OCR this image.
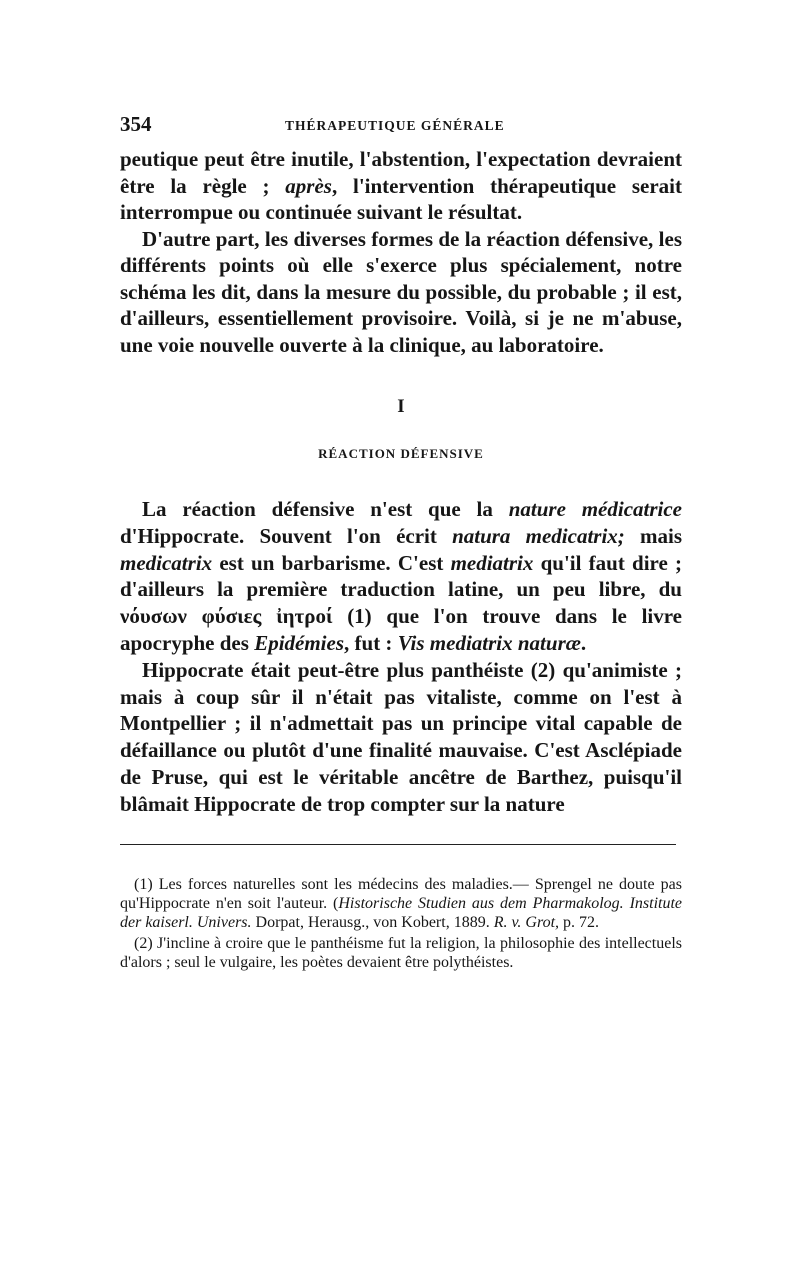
354	THÉRAPEUTIQUE GÉNÉRALE

peutique peut être inutile, l'abstention, l'expectation devraient être la règle ; après, l'intervention thérapeutique serait interrompue ou continuée suivant le résultat.

D'autre part, les diverses formes de la réaction défensive, les différents points où elle s'exerce plus spécialement, notre schéma les dit, dans la mesure du possible, du probable ; il est, d'ailleurs, essentiellement provisoire. Voilà, si je ne m'abuse, une voie nouvelle ouverte à la clinique, au laboratoire.

I
RÉACTION DÉFENSIVE

La réaction défensive n'est que la nature médicatrice d'Hippocrate. Souvent l'on écrit natura medicatrix; mais medicatrix est un barbarisme. C'est mediatrix qu'il faut dire ; d'ailleurs la première traduction latine, un peu libre, du νόυσων φύσιες ἰητροί (1) que l'on trouve dans le livre apocryphe des Epidémies, fut : Vis mediatrix naturæ.

Hippocrate était peut-être plus panthéiste (2) qu'animiste ; mais à coup sûr il n'était pas vitaliste, comme on l'est à Montpellier ; il n'admettait pas un principe vital capable de défaillance ou plutôt d'une finalité mauvaise. C'est Asclépiade de Pruse, qui est le véritable ancêtre de Barthez, puisqu'il blâmait Hippocrate de trop compter sur la nature

(1) Les forces naturelles sont les médecins des maladies.— Sprengel ne doute pas qu'Hippocrate n'en soit l'auteur. (Historische Studien aus dem Pharmakolog. Institute der kaiserl. Univers. Dorpat, Herausg., von Kobert, 1889. R. v. Grot, p. 72.

(2) J'incline à croire que le panthéisme fut la religion, la philosophie des intellectuels d'alors ; seul le vulgaire, les poètes devaient être polythéistes.
